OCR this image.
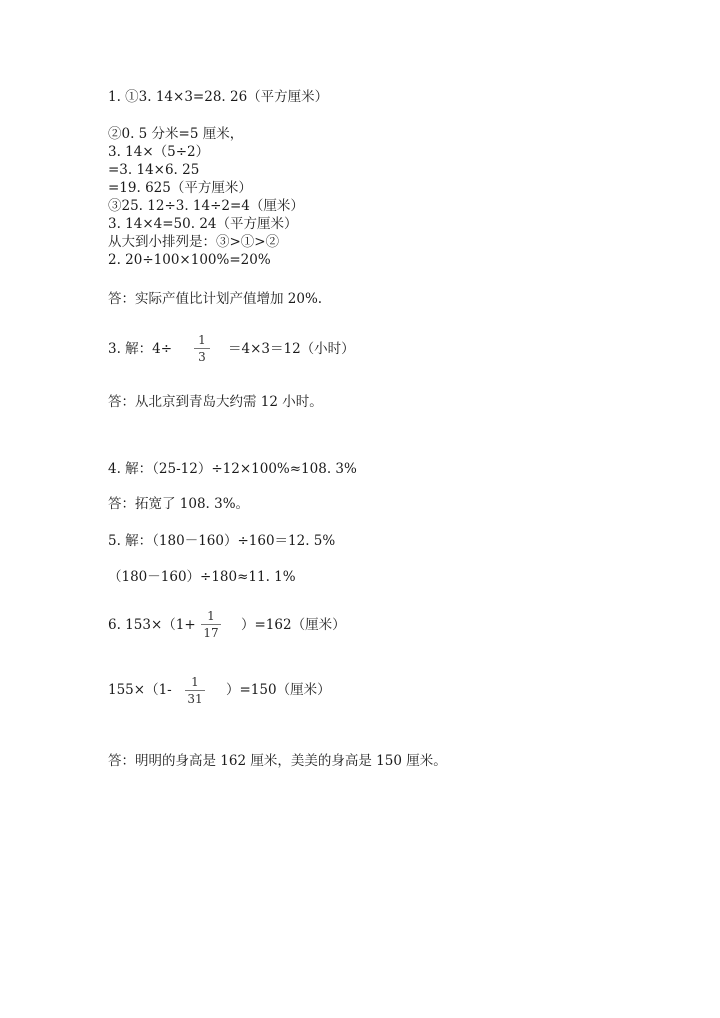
1. ①3. 14×3=28. 26（平方厘米）
②0. 5 分米=5 厘米，
3. 14×（5÷2）
=3. 14×6. 25
=19. 625（平方厘米）
③25. 12÷3. 14÷2=4（厘米）
3. 14×4=50. 24（平方厘米）
从大到小排列是：③>①>②
2. 20÷100×100%=20%
答：实际产值比计划产值增加 20%.
3. 解：4÷
1
3	＝4×3＝12（小时）
答：从北京到青岛大约需 12 小时。
4. 解：（25-12）÷12×100%≈108. 3%
答：拓宽了 108. 3%。
5. 解：（180－160）÷160＝12. 5%
（180－160）÷180≈11. 1%
6. 153×（1+
1
17 ）=162（厘米）
155×（1-	1
31
）=150（厘米）
答：明明的身高是 162 厘米，美美的身高是 150 厘米。
